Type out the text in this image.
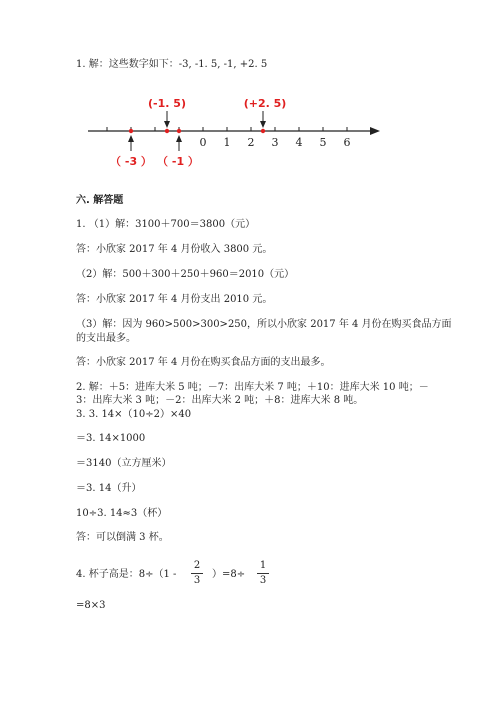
1. 解：这些数字如下：-3, -1. 5, -1, +2. 5
0 1 2 3 4 5 6
(-1. 5)	(+2. 5)
（ -3 ） （ -1 ）
六. 解答题
1. （1）解：3100＋700＝3800（元）
答：小欣家 2017 年 4 月份收入 3800 元。
（2）解：500＋300＋250＋960＝2010（元）
答：小欣家 2017 年 4 月份支出 2010 元。
（3）解：因为 960>500>300>250，所以小欣家 2017 年 4 月份在购买食品方面
的支出最多。
答：小欣家 2017 年 4 月份在购买食品方面的支出最多。
2. 解：＋5：进库大米 5 吨；－7：出库大米 7 吨；＋10：进库大米 10 吨；－
3：出库大米 3 吨；－2：出库大米 2 吨；＋8：进库大米 8 吨。
3. 3. 14×（10÷2）×40
＝3. 14×1000
＝3140（立方厘米）
＝3. 14（升）
10÷3. 14≈3（杯）
答：可以倒满 3 杯。
4. 杯子高是：$8\div(1 - \frac{2}{3} )=8\div \frac{1}{3}$
=8×3
